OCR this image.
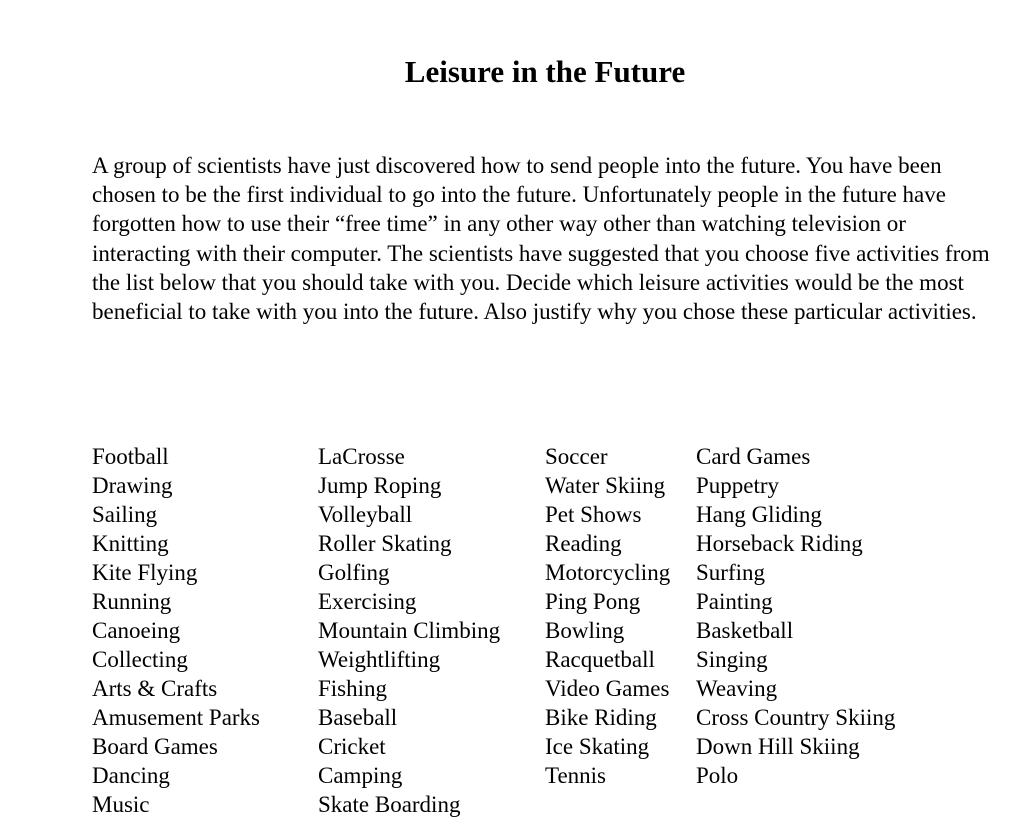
Leisure in the Future

A group of scientists have just discovered how to send people into the future. You have been chosen to be the first individual to go into the future. Unfortunately people in the future have forgotten how to use their “free time” in any other way other than watching television or interacting with their computer. The scientists have suggested that you choose five activities from the list below that you should take with you. Decide which leisure activities would be the most beneficial to take with you into the future. Also justify why you chose these particular activities.

Football
Drawing
Sailing
Knitting
Kite Flying
Running
Canoeing
Collecting
Arts & Crafts
Amusement Parks
Board Games
Dancing
Music
LaCrosse
Jump Roping
Volleyball
Roller Skating
Golfing
Exercising
Mountain Climbing
Weightlifting
Fishing
Baseball
Cricket
Camping
Skate Boarding
Soccer
Water Skiing
Pet Shows
Reading
Motorcycling
Ping Pong
Bowling
Racquetball
Video Games
Bike Riding
Ice Skating
Tennis
Card Games
Puppetry
Hang Gliding
Horseback Riding
Surfing
Painting
Basketball
Singing
Weaving
Cross Country Skiing
Down Hill Skiing
Polo
